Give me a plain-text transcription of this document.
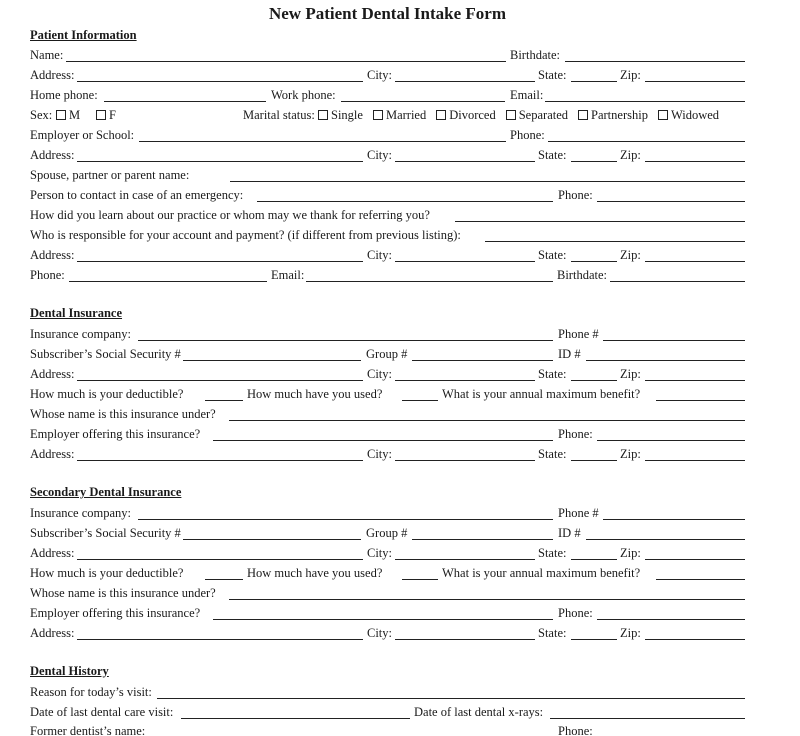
New Patient Dental Intake Form
Patient Information
Name:	Birthdate:
Address:	City:	State:	Zip:
Home phone:	Work phone:	Email:
Sex:	M	F	Marital status: Single Married Divorced Separated Partnership Widowed
Employer or School:	Phone:
Address:	City:	State:	Zip:
Spouse, partner or parent name:
Person to contact in case of an emergency:	Phone:
How did you learn about our practice or whom may we thank for referring you?
Who is responsible for your account and payment? (if different from previous listing):
Address:	City:	State:	Zip:
Phone:	Email:	Birthdate:
Dental Insurance
Insurance company:	Phone #
Subscriber’s Social Security #	Group #	ID #
Address:	City:	State:	Zip:
How much is your deductible?	How much have you used?	What is your annual maximum benefit?
Whose name is this insurance under?
Employer offering this insurance?	Phone:
Address:	City:	State:	Zip:
Secondary Dental Insurance
Insurance company:	Phone #
Subscriber’s Social Security #	Group #	ID #
Address:	City:	State:	Zip:
How much is your deductible?	How much have you used?	What is your annual maximum benefit?
Whose name is this insurance under?
Employer offering this insurance?	Phone:
Address:	City:	State:	Zip:
Dental History
Reason for today’s visit:
Date of last dental care visit:	Date of last dental x-rays:
Former dentist’s name:	Phone:
